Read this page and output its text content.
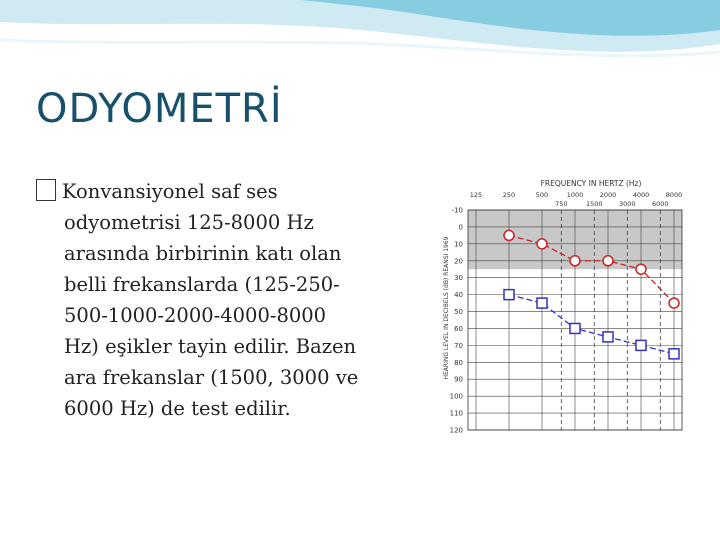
ODYOMETRİ
Konvansiyonel saf ses
odyometrisi 125-8000 Hz
arasında birbirinin katı olan
belli frekanslarda (125-250-
500-1000-2000-4000-8000
Hz) eşikler tayin edilir. Bazen
ara frekanslar (1500, 3000 ve
6000 Hz) de test edilir.
FREQUENCY IN HERTZ (Hz)
HEARING LEVEL IN DECIBELS (dB) REANSI 1969
-10
0
10
20
30
40
50
60
70
80
90
100
110
120
125	250	500	1000	2000	4000	8000
750	1500	3000	6000
